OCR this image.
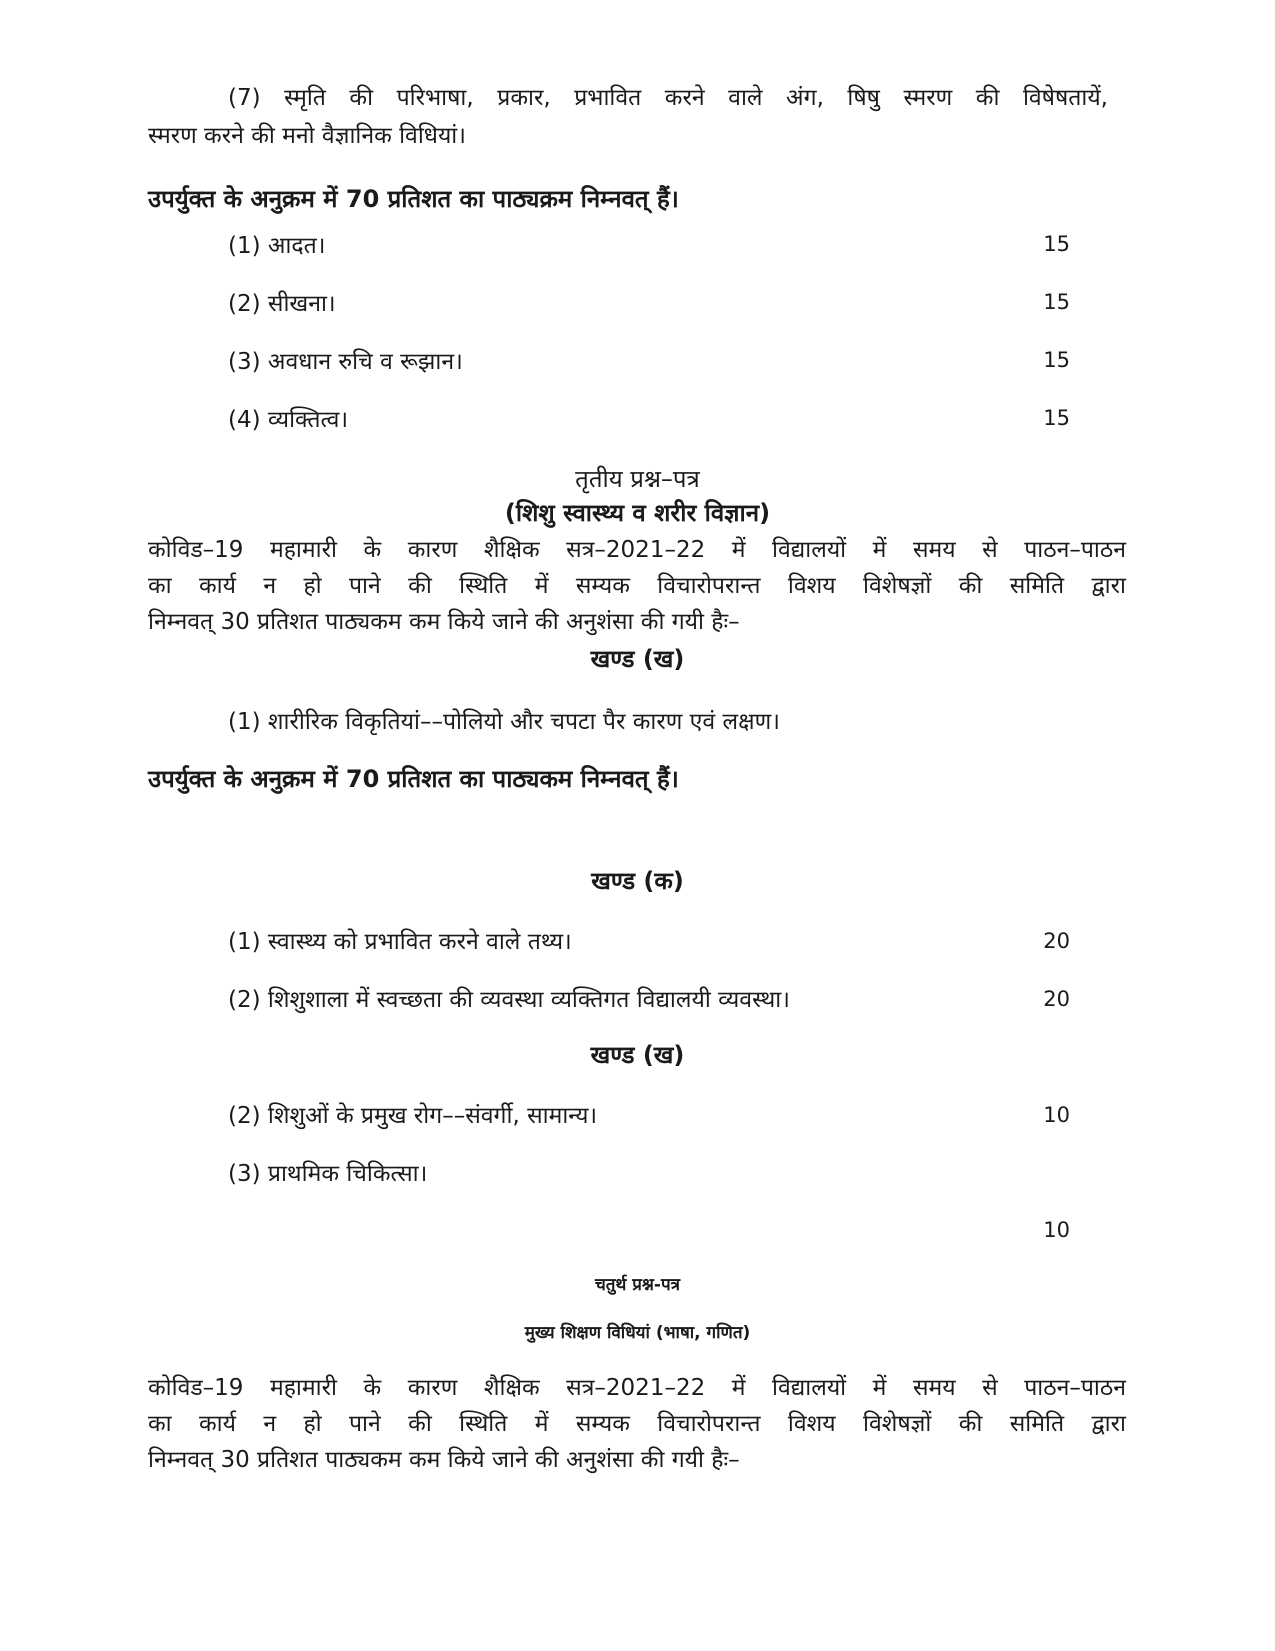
(7) स्मृति की परिभाषा, प्रकार, प्रभावित करने वाले अंग, षिषु स्मरण की विषेषतायें,
स्मरण करने की मनो वैज्ञानिक विधियां।
उपर्युक्त के अनुक्रम में 70 प्रतिशत का पाठ्यक्रम निम्नवत् हैं।
(1) आदत।	15
(2) सीखना।	15
(3) अवधान रुचि व रूझान।	15
(4) व्यक्तित्व।	15
तृतीय प्रश्न–पत्र
(शिशु स्वास्थ्य व शरीर विज्ञान)
कोविड–19 महामारी के कारण शैक्षिक सत्र–2021–22 में विद्यालयों में समय से पाठन–पाठन
का कार्य न हो पाने की स्थिति में सम्यक विचारोपरान्त विशय विशेषज्ञों की समिति द्वारा
निम्नवत् 30 प्रतिशत पाठ्यकम कम किये जाने की अनुशंसा की गयी हैः–
खण्ड (ख)
(1) शारीरिक विकृतियां––पोलियो और चपटा पैर कारण एवं लक्षण।
उपर्युक्त के अनुक्रम में 70 प्रतिशत का पाठ्यकम निम्नवत् हैं।
खण्ड (क)
(1) स्वास्थ्य को प्रभावित करने वाले तथ्य।	20
(2) शिशुशाला में स्वच्छता की व्यवस्था व्यक्तिगत विद्यालयी व्यवस्था।	20
खण्ड (ख)
(2) शिशुओं के प्रमुख रोग––संवर्गी, सामान्य।	10
(3) प्राथमिक चिकित्सा।
10
चतुर्थ प्रश्न-पत्र
मुख्य शिक्षण विधियां (भाषा, गणित)
कोविड–19 महामारी के कारण शैक्षिक सत्र–2021–22 में विद्यालयों में समय से पाठन–पाठन
का कार्य न हो पाने की स्थिति में सम्यक विचारोपरान्त विशय विशेषज्ञों की समिति द्वारा
निम्नवत् 30 प्रतिशत पाठ्यकम कम किये जाने की अनुशंसा की गयी हैः–
